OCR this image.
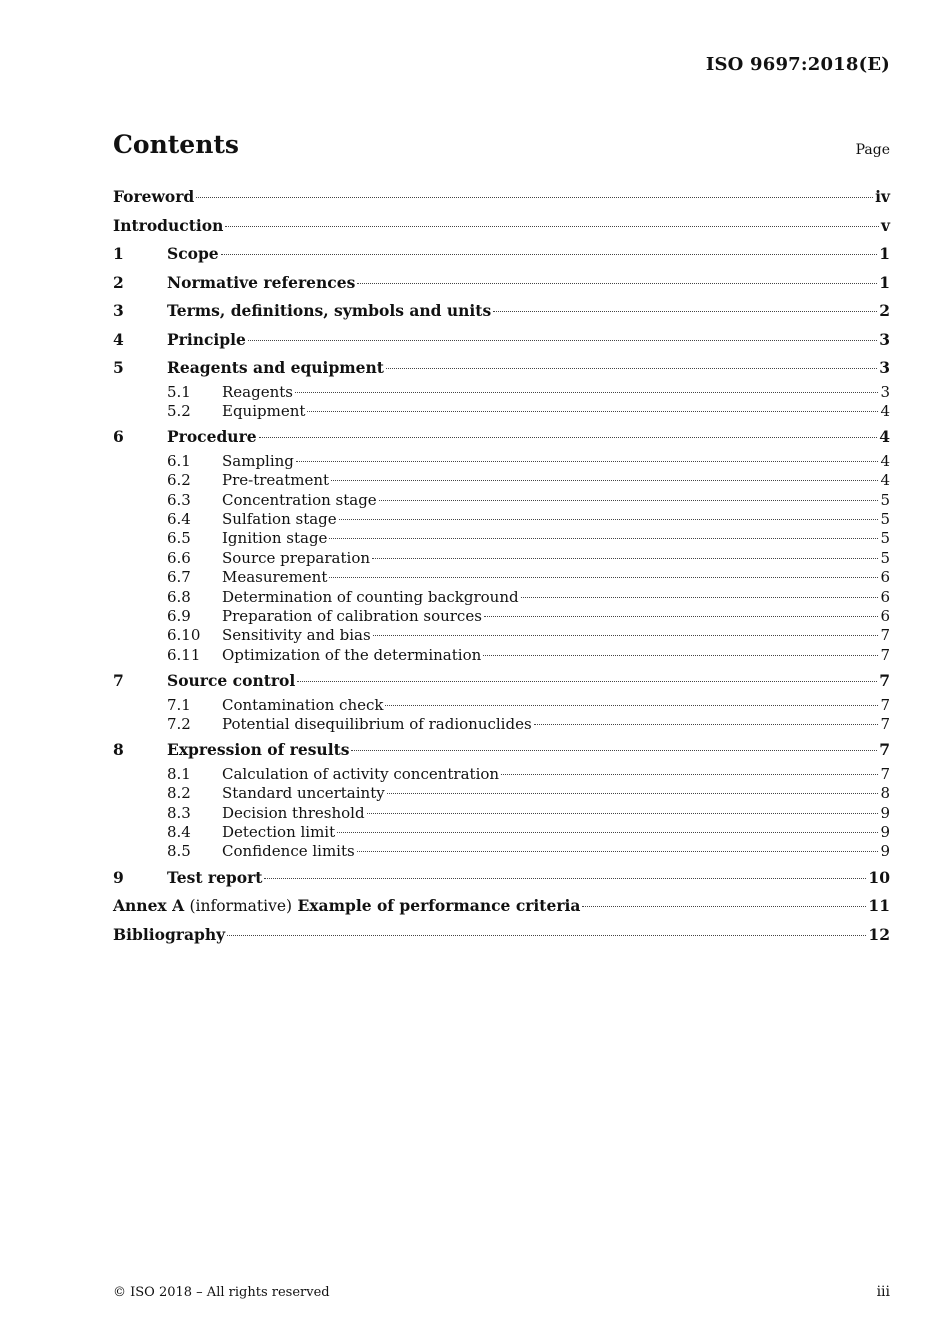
ISO 9697:2018(E)
Contents	Page
Foreword	iv
Introduction	v
1	Scope	1
2	Normative references	1
3	Terms, definitions, symbols and units	2
4	Principle	3
5	Reagents and equipment	3
5.1	Reagents	3
5.2	Equipment	4
6	Procedure	4
6.1	Sampling	4
6.2	Pre-treatment	4
6.3	Concentration stage	5
6.4	Sulfation stage	5
6.5	Ignition stage	5
6.6	Source preparation	5
6.7	Measurement	6
6.8	Determination of counting background	6
6.9	Preparation of calibration sources	6
6.10	Sensitivity and bias	7
6.11	Optimization of the determination	7
7	Source control	7
7.1	Contamination check	7
7.2	Potential disequilibrium of radionuclides	7
8	Expression of results	7
8.1	Calculation of activity concentration	7
8.2	Standard uncertainty	8
8.3	Decision threshold	9
8.4	Detection limit	9
8.5	Confidence limits	9
9	Test report	10
Annex A (informative) Example of performance criteria	11
Bibliography	12
© ISO 2018 – All rights reserved	iii
